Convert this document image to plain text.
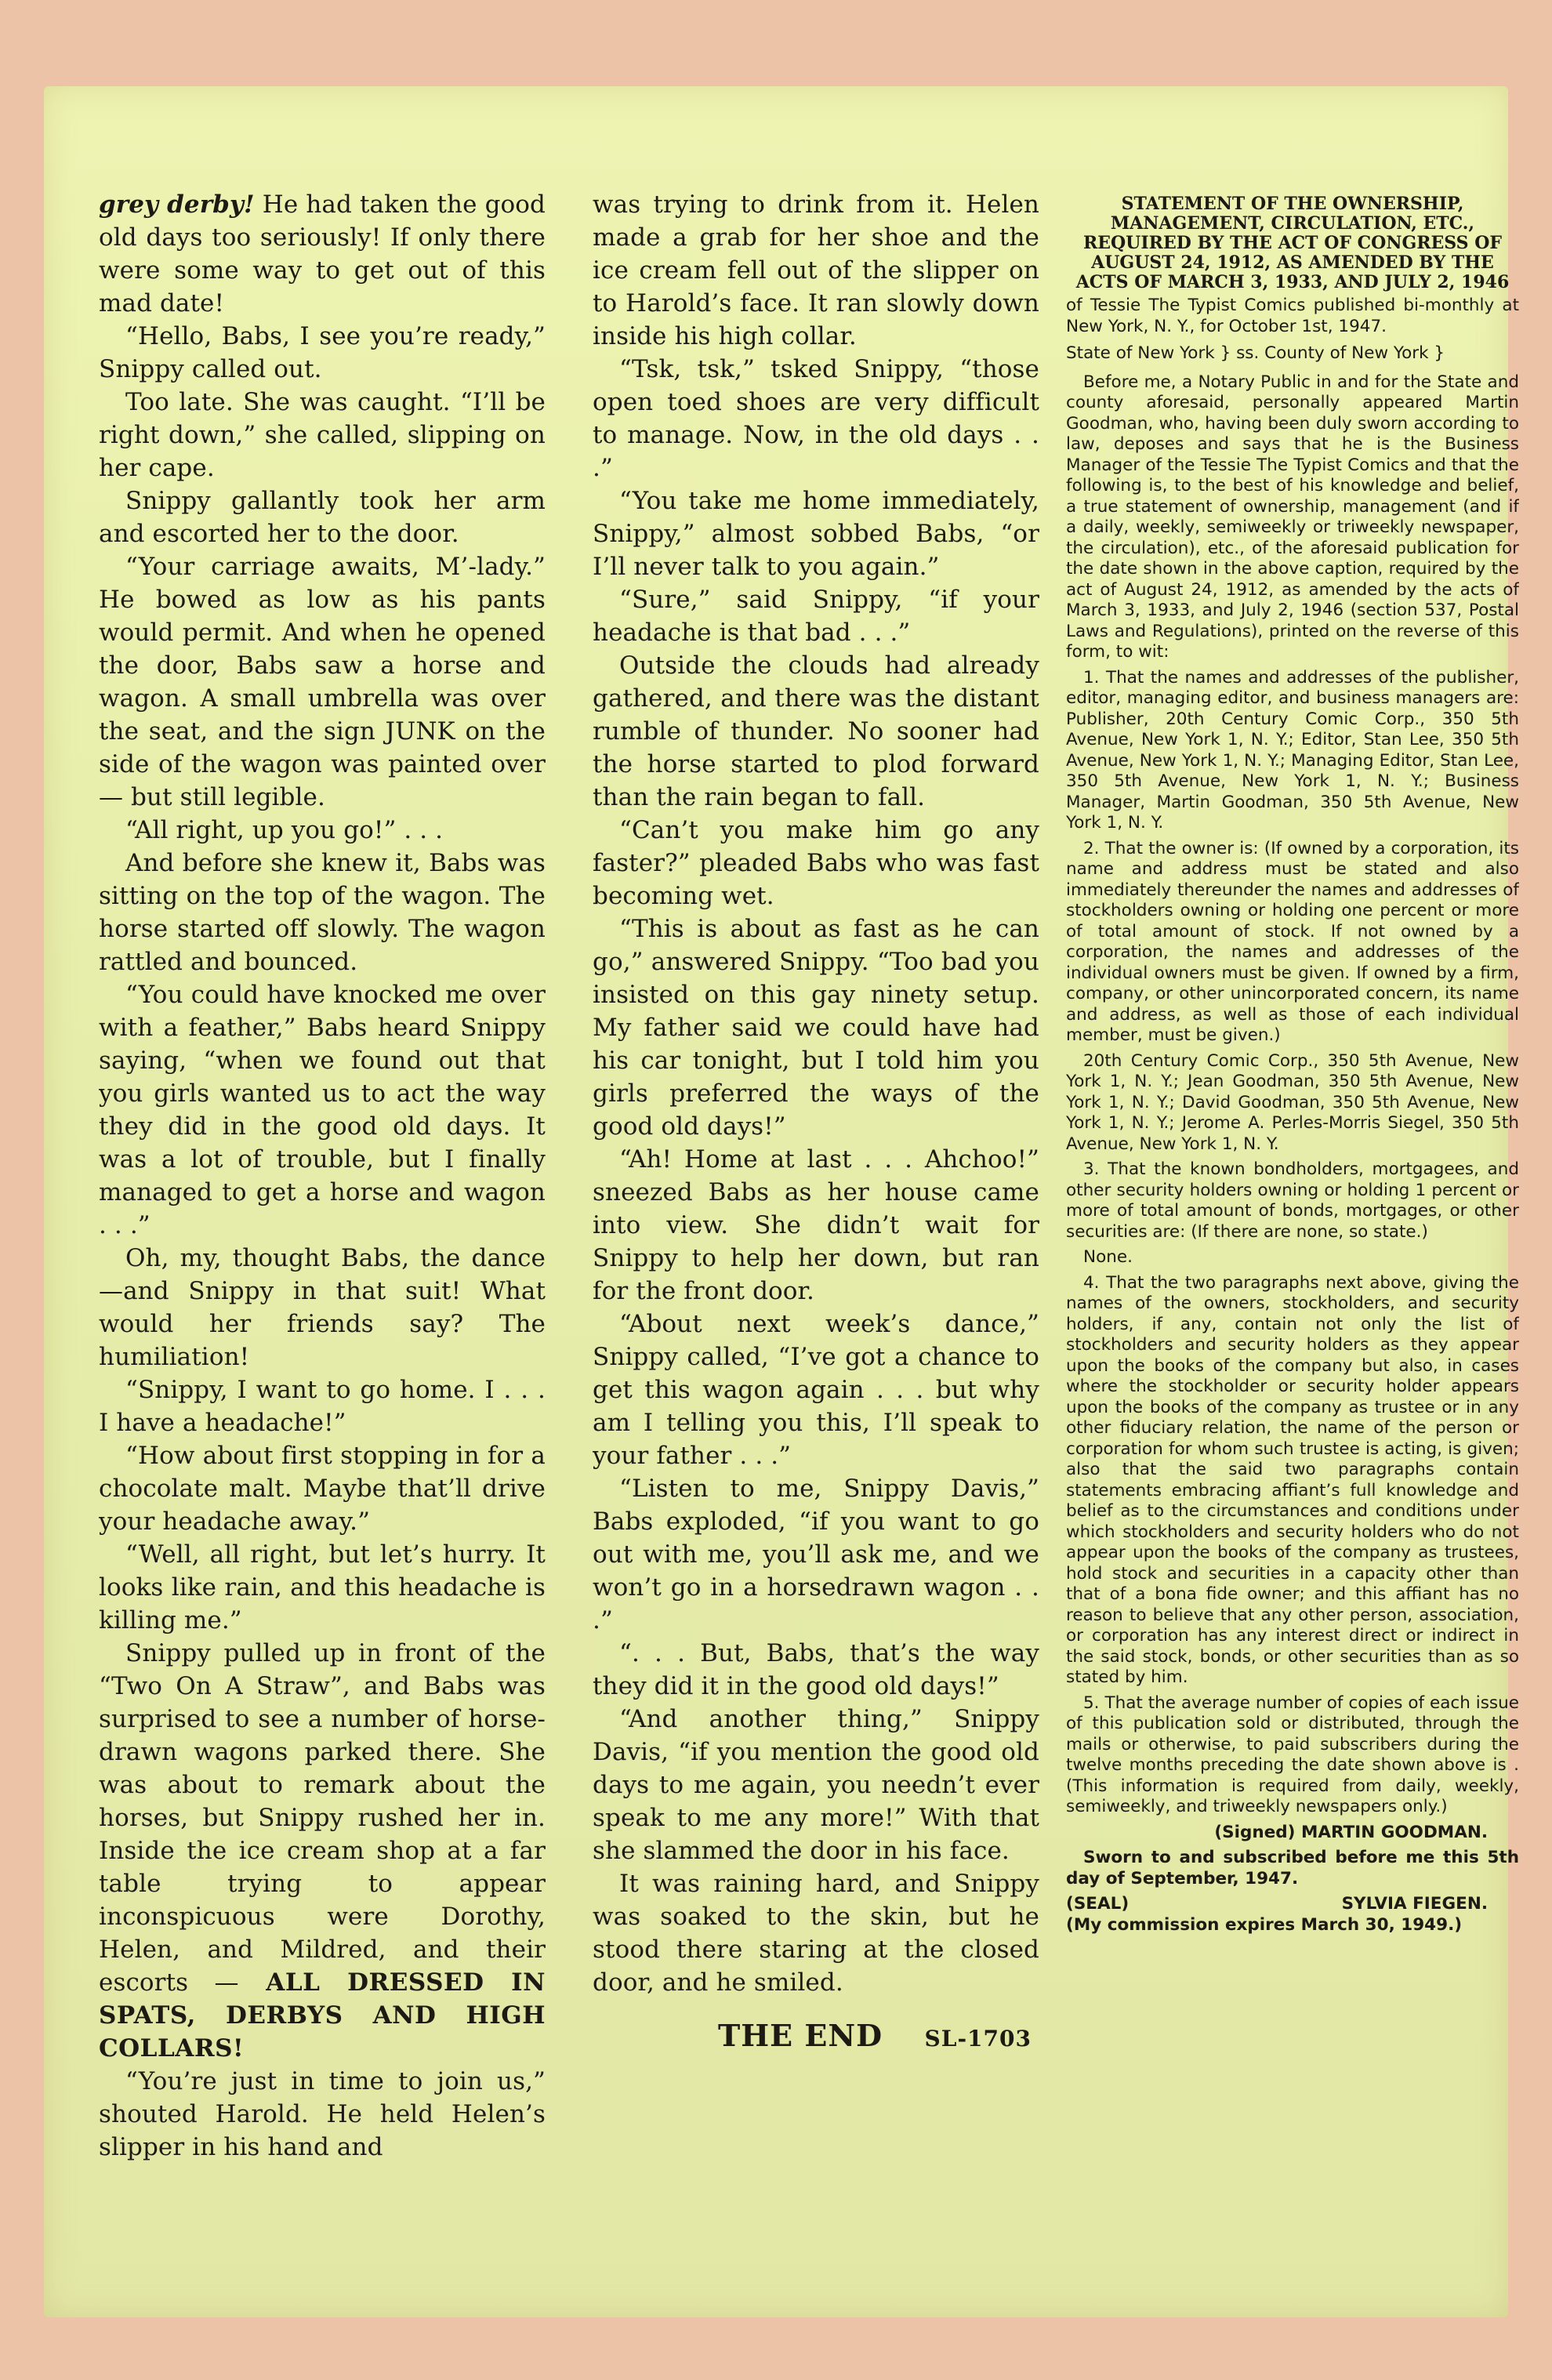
grey derby! He had taken the good old days too seriously! If only there were some way to get out of this mad date!

“Hello, Babs, I see you’re ready,” Snippy called out.

Too late. She was caught. “I’ll be right down,” she called, slipping on her cape.

Snippy gallantly took her arm and escorted her to the door.

“Your carriage awaits, M’-lady.” He bowed as low as his pants would permit. And when he opened the door, Babs saw a horse and wagon. A small umbrella was over the seat, and the sign JUNK on the side of the wagon was painted over — but still legible.

“All right, up you go!” . . .

And before she knew it, Babs was sitting on the top of the wagon. The horse started off slowly. The wagon rattled and bounced.

“You could have knocked me over with a feather,” Babs heard Snippy saying, “when we found out that you girls wanted us to act the way they did in the good old days. It was a lot of trouble, but I finally managed to get a horse and wagon . . .”

Oh, my, thought Babs, the dance—and Snippy in that suit! What would her friends say? The humiliation!

“Snippy, I want to go home. I . . . I have a headache!”

“How about first stopping in for a chocolate malt. Maybe that’ll drive your headache away.”

“Well, all right, but let’s hurry. It looks like rain, and this headache is killing me.”

Snippy pulled up in front of the “Two On A Straw”, and Babs was surprised to see a number of horse-drawn wagons parked there. She was about to remark about the horses, but Snippy rushed her in. Inside the ice cream shop at a far table trying to appear inconspicuous were Dorothy, Helen, and Mildred, and their escorts — ALL DRESSED IN SPATS, DERBYS AND HIGH COLLARS!

“You’re just in time to join us,” shouted Harold. He held Helen’s slipper in his hand and

was trying to drink from it. Helen made a grab for her shoe and the ice cream fell out of the slipper on to Harold’s face. It ran slowly down inside his high collar.

“Tsk, tsk,” tsked Snippy, “those open toed shoes are very difficult to manage. Now, in the old days . . .”

“You take me home immediately, Snippy,” almost sobbed Babs, “or I’ll never talk to you again.”

“Sure,” said Snippy, “if your headache is that bad . . .”

Outside the clouds had already gathered, and there was the distant rumble of thunder. No sooner had the horse started to plod forward than the rain began to fall.

“Can’t you make him go any faster?” pleaded Babs who was fast becoming wet.

“This is about as fast as he can go,” answered Snippy. “Too bad you insisted on this gay ninety setup. My father said we could have had his car tonight, but I told him you girls preferred the ways of the good old days!”

“Ah! Home at last . . . Ahchoo!” sneezed Babs as her house came into view. She didn’t wait for Snippy to help her down, but ran for the front door.

“About next week’s dance,” Snippy called, “I’ve got a chance to get this wagon again . . . but why am I telling you this, I’ll speak to your father . . .”

“Listen to me, Snippy Davis,” Babs exploded, “if you want to go out with me, you’ll ask me, and we won’t go in a horsedrawn wagon . . .”

“. . . But, Babs, that’s the way they did it in the good old days!”

“And another thing,” Snippy Davis, “if you mention the good old days to me again, you needn’t ever speak to me any more!” With that she slammed the door in his face.

It was raining hard, and Snippy was soaked to the skin, but he stood there staring at the closed door, and he smiled.

THE END SL-1703

STATEMENT OF THE OWNERSHIP, MANAGEMENT, CIRCULATION, ETC., REQUIRED BY THE ACT OF CONGRESS OF AUGUST 24, 1912, AS AMENDED BY THE ACTS OF MARCH 3, 1933, AND JULY 2, 1946

of Tessie The Typist Comics published bi-monthly at New York, N. Y., for October 1st, 1947.

State of New York } ss. County of New York }

Before me, a Notary Public in and for the State and county aforesaid, personally appeared Martin Goodman, who, having been duly sworn according to law, deposes and says that he is the Business Manager of the Tessie The Typist Comics and that the following is, to the best of his knowledge and belief, a true statement of ownership, management (and if a daily, weekly, semiweekly or triweekly newspaper, the circulation), etc., of the aforesaid publication for the date shown in the above caption, required by the act of August 24, 1912, as amended by the acts of March 3, 1933, and July 2, 1946 (section 537, Postal Laws and Regulations), printed on the reverse of this form, to wit:

1. That the names and addresses of the publisher, editor, managing editor, and business managers are: Publisher, 20th Century Comic Corp., 350 5th Avenue, New York 1, N. Y.; Editor, Stan Lee, 350 5th Avenue, New York 1, N. Y.; Managing Editor, Stan Lee, 350 5th Avenue, New York 1, N. Y.; Business Manager, Martin Goodman, 350 5th Avenue, New York 1, N. Y.

2. That the owner is: (If owned by a corporation, its name and address must be stated and also immediately thereunder the names and addresses of stockholders owning or holding one percent or more of total amount of stock. If not owned by a corporation, the names and addresses of the individual owners must be given. If owned by a firm, company, or other unincorporated concern, its name and address, as well as those of each individual member, must be given.)

20th Century Comic Corp., 350 5th Avenue, New York 1, N. Y.; Jean Goodman, 350 5th Avenue, New York 1, N. Y.; David Goodman, 350 5th Avenue, New York 1, N. Y.; Jerome A. Perles-Morris Siegel, 350 5th Avenue, New York 1, N. Y.

3. That the known bondholders, mortgagees, and other security holders owning or holding 1 percent or more of total amount of bonds, mortgages, or other securities are: (If there are none, so state.)

None.

4. That the two paragraphs next above, giving the names of the owners, stockholders, and security holders, if any, contain not only the list of stockholders and security holders as they appear upon the books of the company but also, in cases where the stockholder or security holder appears upon the books of the company as trustee or in any other fiduciary relation, the name of the person or corporation for whom such trustee is acting, is given; also that the said two paragraphs contain statements embracing affiant’s full knowledge and belief as to the circumstances and conditions under which stockholders and security holders who do not appear upon the books of the company as trustees, hold stock and securities in a capacity other than that of a bona fide owner; and this affiant has no reason to believe that any other person, association, or corporation has any interest direct or indirect in the said stock, bonds, or other securities than as so stated by him.

5. That the average number of copies of each issue of this publication sold or distributed, through the mails or otherwise, to paid subscribers during the twelve months preceding the date shown above is . (This information is required from daily, weekly, semiweekly, and triweekly newspapers only.)

(Signed) MARTIN GOODMAN.

Sworn to and subscribed before me this 5th day of September, 1947.

(SEAL)	SYLVIA FIEGEN.

(My commission expires March 30, 1949.)
